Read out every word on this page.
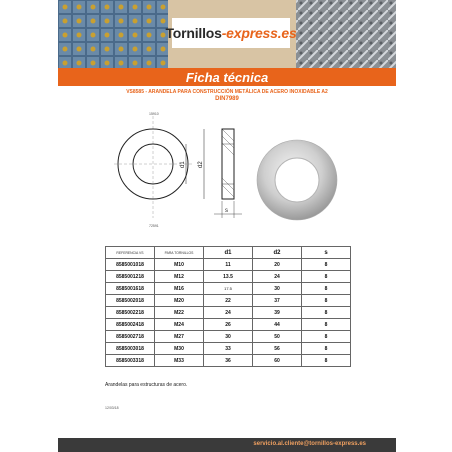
Tornillos-express.es
Ficha técnica
VS8585 - ARANDELA PARA CONSTRUCCIÓN METÁLICA DE ACERO INOXIDABLE A2
DIN7989
d1 d2
s
15910
72591
REFERENCIA VS	PARA TORNILLOS	d1	d2	s
8585001018	M10	11	20	8
8585001218	M12	13.5	24	8
8585001618	M16	17.5	30	8
8585002018	M20	22	37	8
8585002218	M22	24	39	8
8585002418	M24	26	44	8
8585002718	M27	30	50	8
8585003018	M30	33	56	8
8585003318	M33	36	60	8
Arandelas para estructuras de acero.
12/03/18
servicio.al.cliente@tornillos-express.es
